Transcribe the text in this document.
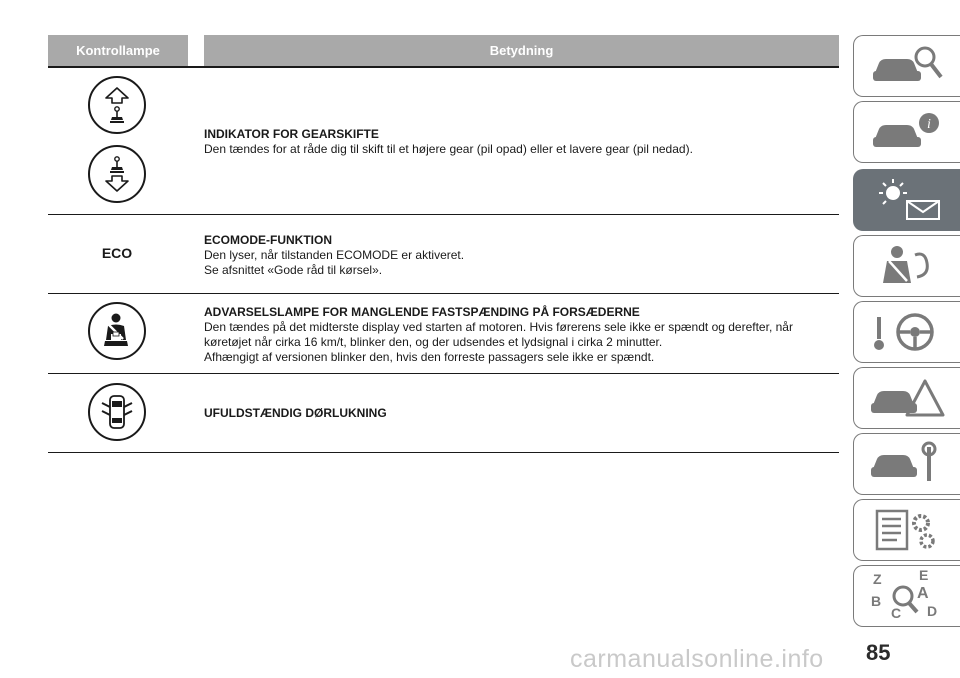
Kontrollampe	Betydning
INDIKATOR FOR GEARSKIFTE
Den tændes for at råde dig til skift til et højere gear (pil opad) eller et lavere gear (pil nedad).
ECO
ECOMODE-FUNKTION
Den lyser, når tilstanden ECOMODE er aktiveret.
Se afsnittet «Gode råd til kørsel».
ADVARSELSLAMPE FOR MANGLENDE FASTSPÆNDING PÅ FORSÆDERNE
Den tændes på det midterste display ved starten af motoren. Hvis førerens sele ikke er spændt og derefter, når
køretøjet når cirka 16 km/t, blinker den, og der udsendes et lydsignal i cirka 2 minutter.
Afhængigt af versionen blinker den, hvis den forreste passagers sele ikke er spændt.
UFULDSTÆNDIG DØRLUKNING
i
Z	E
B A
D
C
85
carmanualsonline.info
